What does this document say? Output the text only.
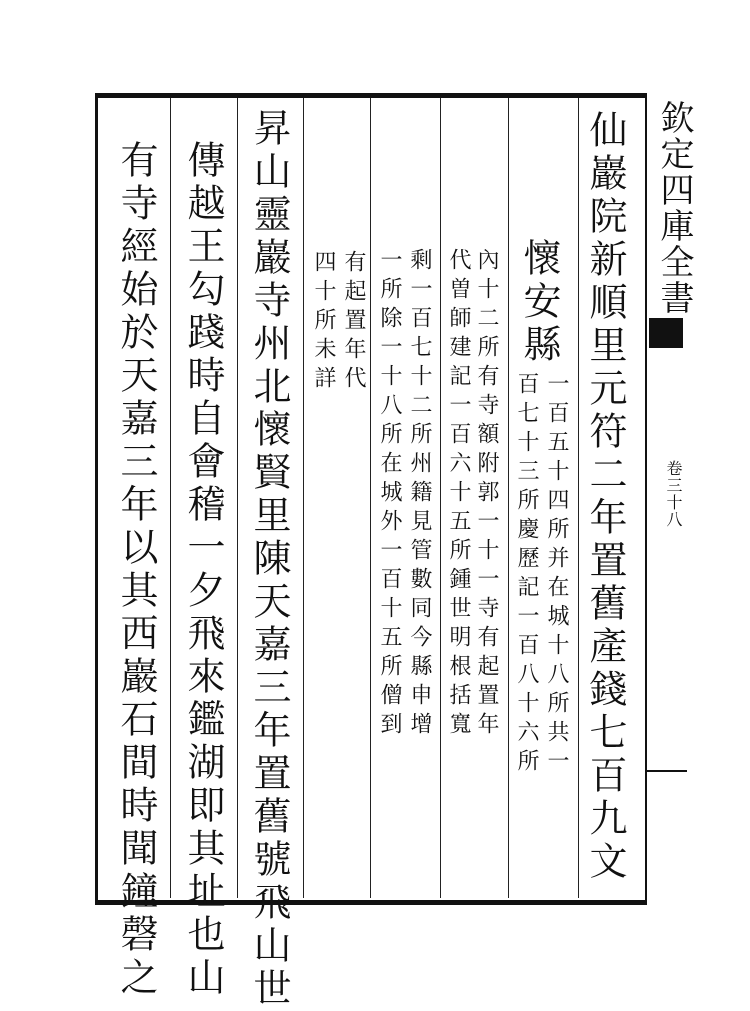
仙巖院新順里元符二年置舊產錢七百九文
懷安縣
一百五十四所并在城十八所共一
百七十三所慶歷記一百八十六所
內十二所有寺額附郭一十一寺有起置年
代曽師建記一百六十五所鍾世明根括寬
剩一百七十二所州籍見管數同今縣申增
一所除一十八所在城外一百十五所僧到
有起置年代
四十所未詳
昇山靈巖寺州北懷賢里陳天嘉三年置舊號飛山世
傳越王勾踐時自會稽一夕飛來鑑湖即其址也山
有寺經始於天嘉三年以其西巖石間時聞鐘磬之	欽定四庫全書
卷三十八
